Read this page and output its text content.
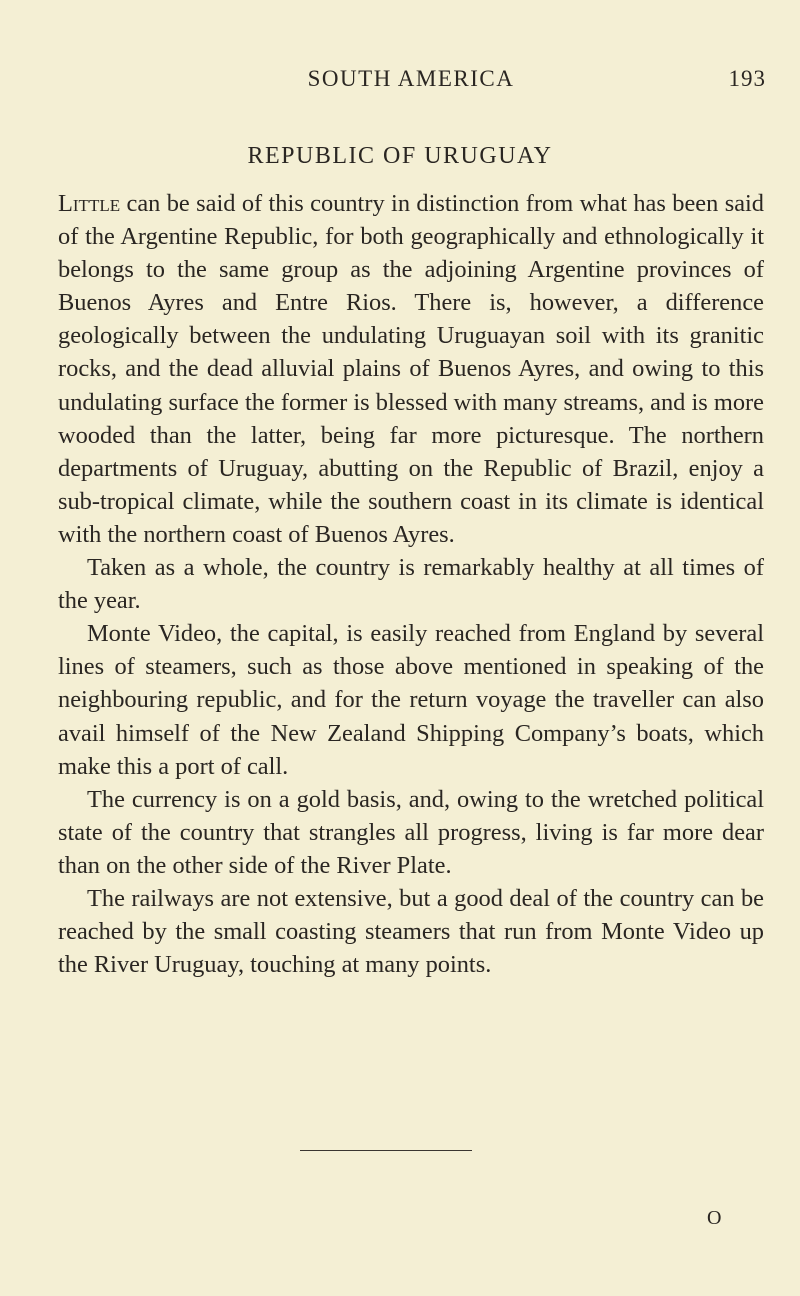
SOUTH AMERICA	193
REPUBLIC OF URUGUAY

Little can be said of this country in distinction from what has been said of the Argentine Republic, for both geographically and ethnologically it belongs to the same group as the adjoining Argentine provinces of Buenos Ayres and Entre Rios. There is, however, a difference geologically between the undulating Uruguayan soil with its granitic rocks, and the dead alluvial plains of Buenos Ayres, and owing to this undulating surface the former is blessed with many streams, and is more wooded than the latter, being far more picturesque. The northern departments of Uruguay, abutting on the Republic of Brazil, enjoy a sub-tropical climate, while the southern coast in its climate is identical with the northern coast of Buenos Ayres.

Taken as a whole, the country is remarkably healthy at all times of the year.

Monte Video, the capital, is easily reached from England by several lines of steamers, such as those above mentioned in speaking of the neighbouring republic, and for the return voyage the traveller can also avail himself of the New Zealand Shipping Company’s boats, which make this a port of call.

The currency is on a gold basis, and, owing to the wretched political state of the country that strangles all progress, living is far more dear than on the other side of the River Plate.

The railways are not extensive, but a good deal of the country can be reached by the small coasting steamers that run from Monte Video up the River Uruguay, touching at many points.

O
